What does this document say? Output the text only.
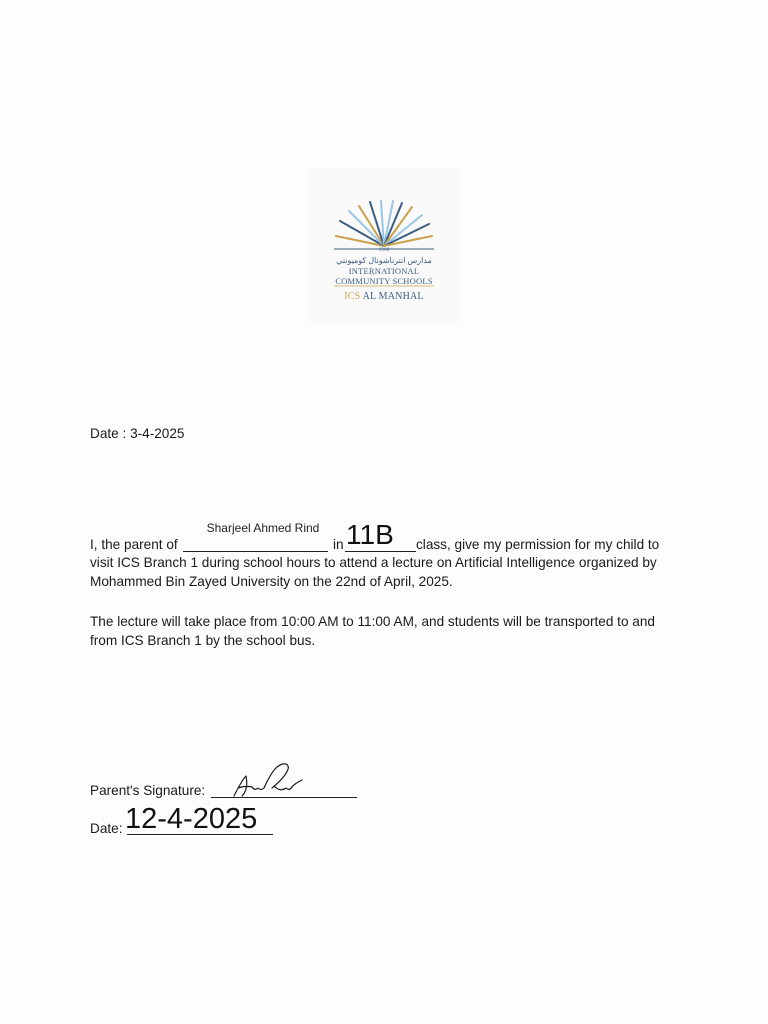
1990
مدارس انترناشونال كوميونتي
INTERNATIONAL
COMMUNITY SCHOOLS
ICS AL MANHAL
Date : 3-4-2025
I, the parent of
Sharjeel Ahmed Rind
in 11B class, give my permission for my child to
visit ICS Branch 1 during school hours to attend a lecture on Artificial Intelligence organized by
Mohammed Bin Zayed University on the 22nd of April, 2025.
The lecture will take place from 10:00 AM to 11:00 AM, and students will be transported to and
from ICS Branch 1 by the school bus.
Parent's Signature:
Date: 12-4-2025
